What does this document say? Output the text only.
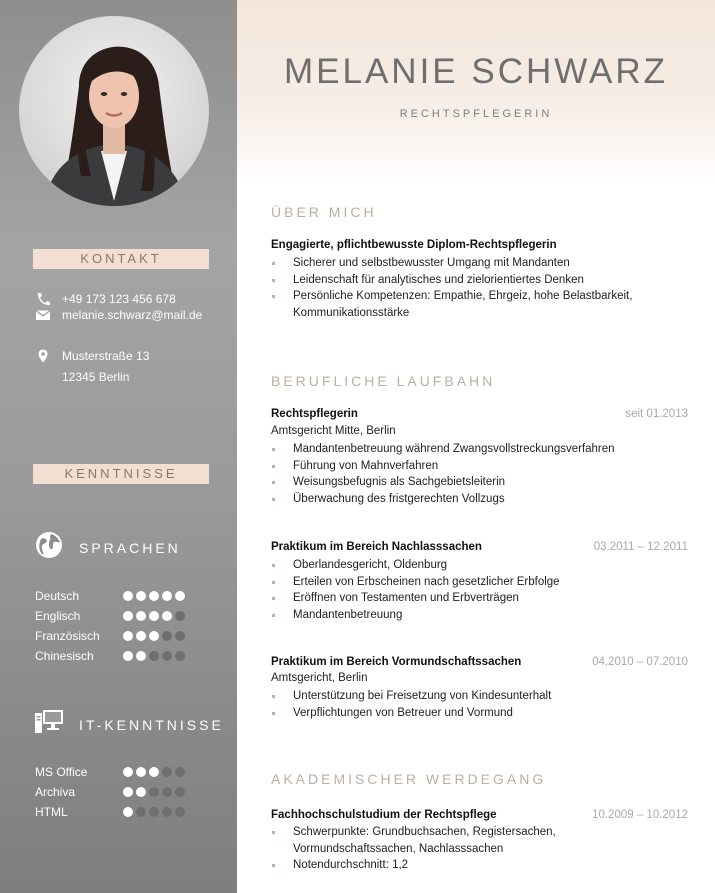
KONTAKT
+49 173 123 456 678
melanie.schwarz@mail.de
Musterstraße 13
12345 Berlin
KENNTNISSE
SPRACHEN
Deutsch
Englisch
Französisch
Chinesisch
IT-KENNTNISSE
MS Office
Archiva
HTML
MELANIE SCHWARZ
RECHTSPFLEGERIN
ÜBER MICH
Engagierte, pflichtbewusste Diplom-Rechtspflegerin
Sicherer und selbstbewusster Umgang mit Mandanten
Leidenschaft für analytisches und zielorientiertes Denken
Persönliche Kompetenzen: Empathie, Ehrgeiz, hohe Belastbarkeit,
Kommunikationsstärke
BERUFLICHE LAUFBAHN
Rechtspflegerin	seit 01.2013
Amtsgericht Mitte, Berlin
Mandantenbetreuung während Zwangsvollstreckungsverfahren
Führung von Mahnverfahren
Weisungsbefugnis als Sachgebietsleiterin
Überwachung des fristgerechten Vollzugs
Praktikum im Bereich Nachlasssachen	03.2011 – 12.2011
Oberlandesgericht, Oldenburg
Erteilen von Erbscheinen nach gesetzlicher Erbfolge
Eröffnen von Testamenten und Erbverträgen
Mandantenbetreuung
Praktikum im Bereich Vormundschaftssachen	04.2010 – 07.2010
Amtsgericht, Berlin
Unterstützung bei Freisetzung von Kindesunterhalt
Verpflichtungen von Betreuer und Vormund
AKADEMISCHER WERDEGANG
Fachhochschulstudium der Rechtspflege	10.2009 – 10.2012
Schwerpunkte: Grundbuchsachen, Registersachen,
Vormundschaftssachen, Nachlasssachen
Notendurchschnitt: 1,2
